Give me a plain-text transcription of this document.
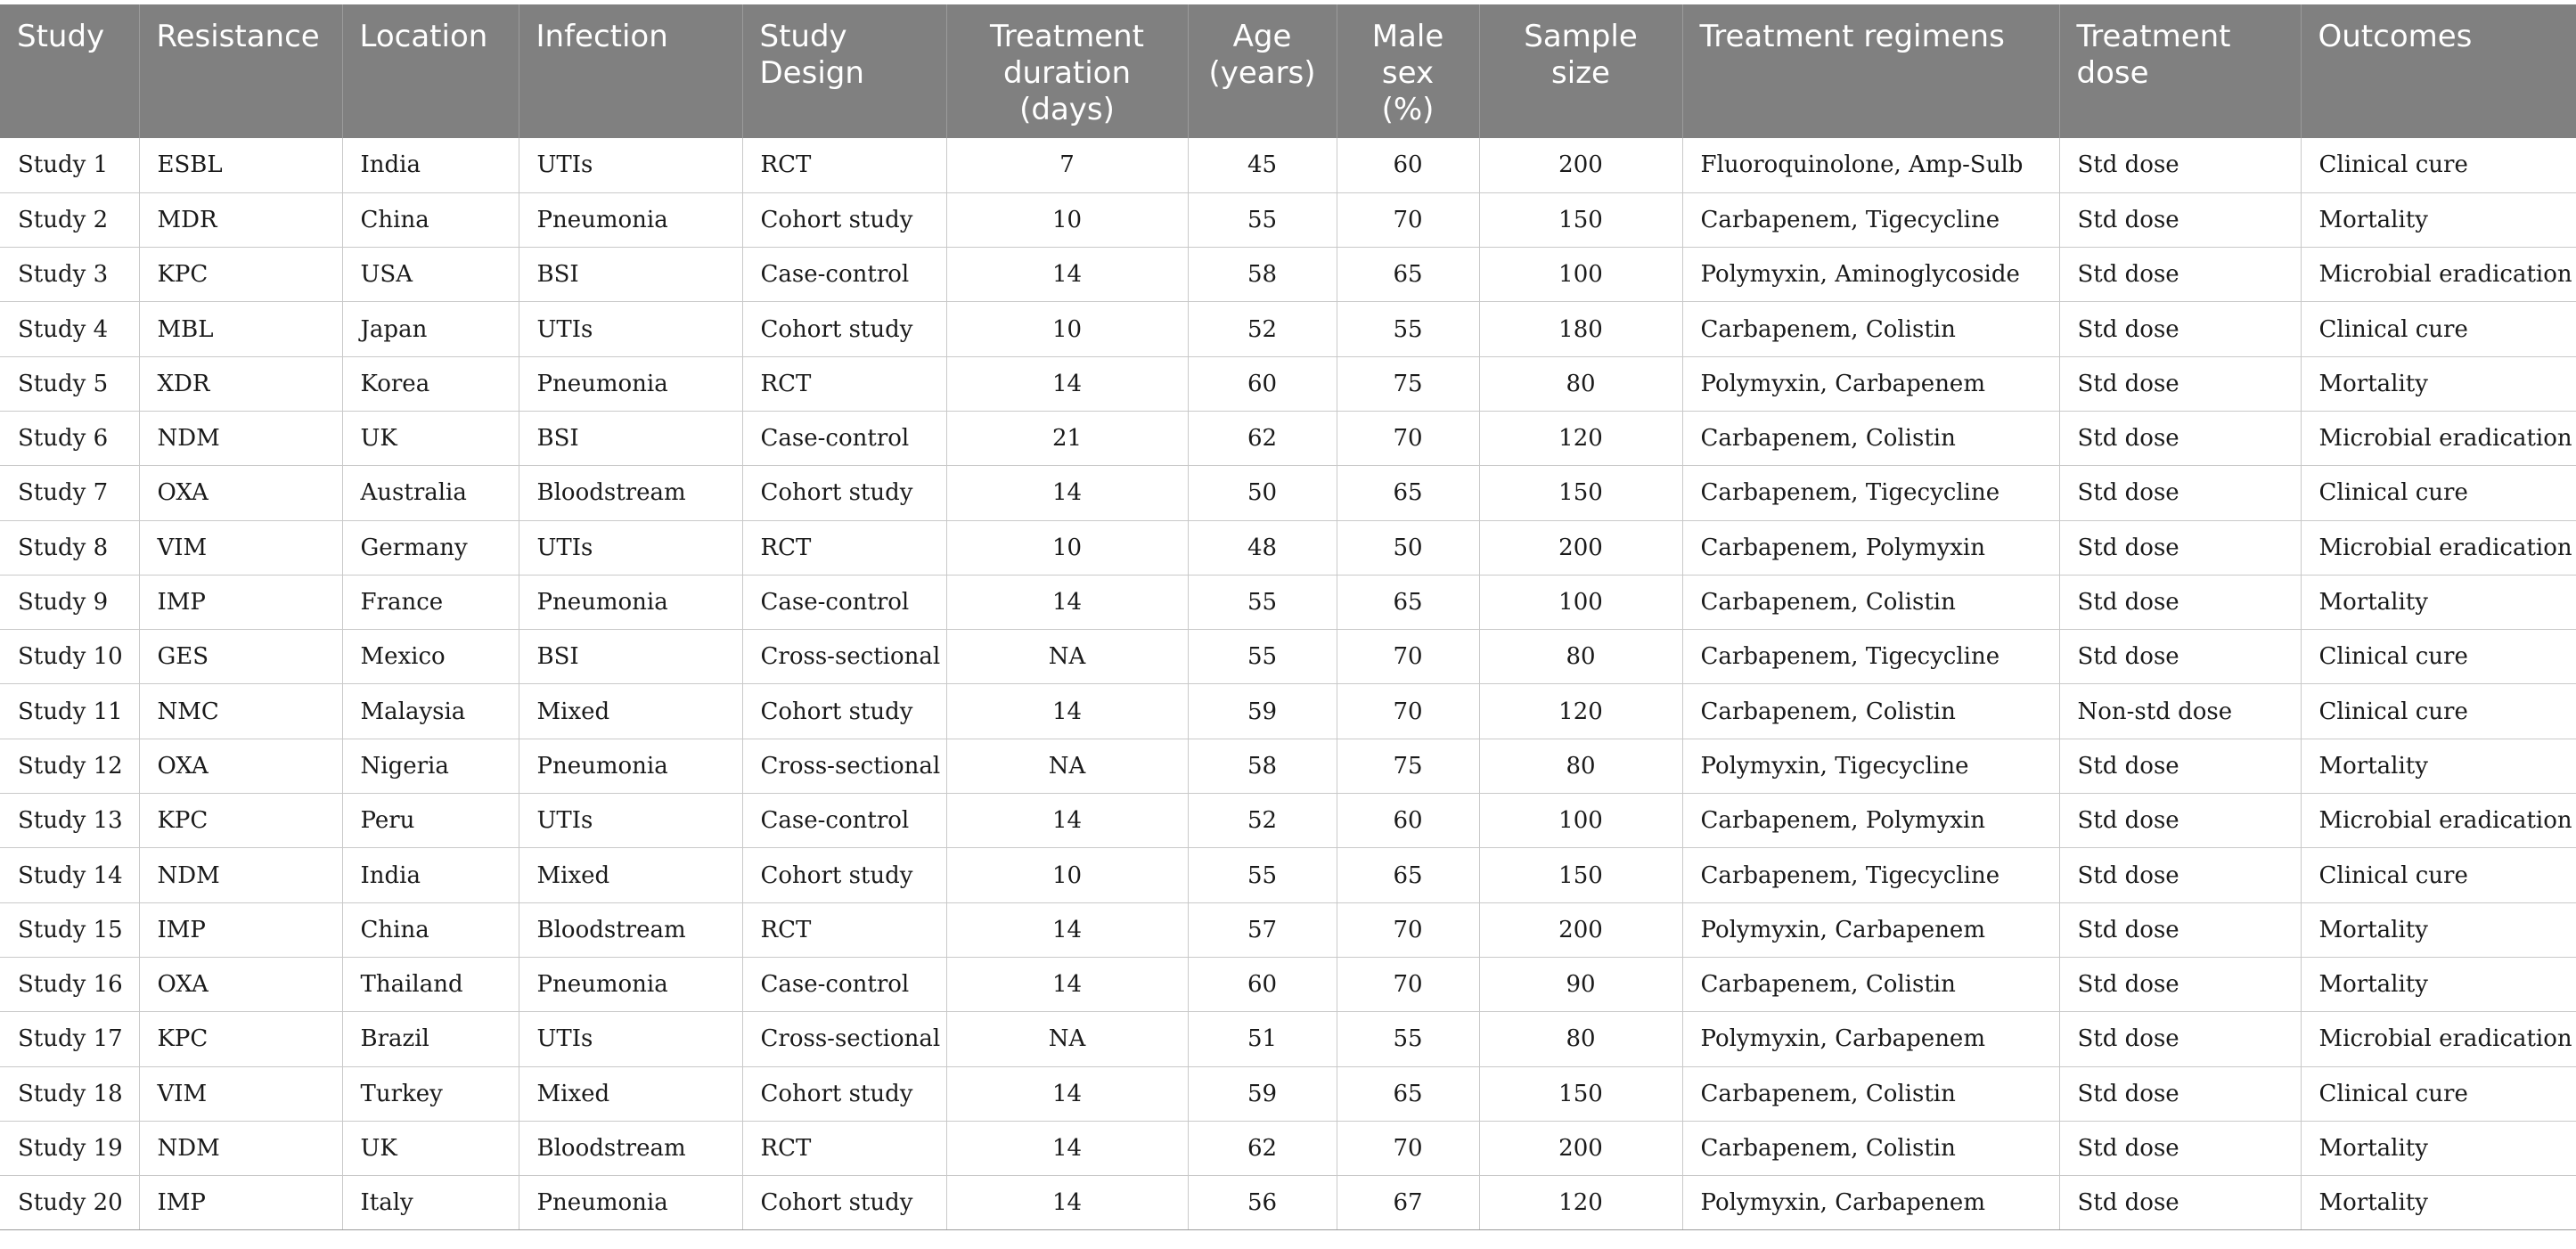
Study	Resistance	Location	Infection	Study Design	Treatment duration (days)	Age (years)	Male sex (%)	Sample size	Treatment regimens	Treatment dose	Outcomes
Study 1	ESBL	India	UTIs	RCT	7	45	60	200	Fluoroquinolone, Amp-Sulb	Std dose	Clinical cure
Study 2	MDR	China	Pneumonia	Cohort study	10	55	70	150	Carbapenem, Tigecycline	Std dose	Mortality
Study 3	KPC	USA	BSI	Case-control	14	58	65	100	Polymyxin, Aminoglycoside	Std dose	Microbial eradication
Study 4	MBL	Japan	UTIs	Cohort study	10	52	55	180	Carbapenem, Colistin	Std dose	Clinical cure
Study 5	XDR	Korea	Pneumonia	RCT	14	60	75	80	Polymyxin, Carbapenem	Std dose	Mortality
Study 6	NDM	UK	BSI	Case-control	21	62	70	120	Carbapenem, Colistin	Std dose	Microbial eradication
Study 7	OXA	Australia	Bloodstream	Cohort study	14	50	65	150	Carbapenem, Tigecycline	Std dose	Clinical cure
Study 8	VIM	Germany	UTIs	RCT	10	48	50	200	Carbapenem, Polymyxin	Std dose	Microbial eradication
Study 9	IMP	France	Pneumonia	Case-control	14	55	65	100	Carbapenem, Colistin	Std dose	Mortality
Study 10	GES	Mexico	BSI	Cross-sectional	NA	55	70	80	Carbapenem, Tigecycline	Std dose	Clinical cure
Study 11	NMC	Malaysia	Mixed	Cohort study	14	59	70	120	Carbapenem, Colistin	Non-std dose	Clinical cure
Study 12	OXA	Nigeria	Pneumonia	Cross-sectional	NA	58	75	80	Polymyxin, Tigecycline	Std dose	Mortality
Study 13	KPC	Peru	UTIs	Case-control	14	52	60	100	Carbapenem, Polymyxin	Std dose	Microbial eradication
Study 14	NDM	India	Mixed	Cohort study	10	55	65	150	Carbapenem, Tigecycline	Std dose	Clinical cure
Study 15	IMP	China	Bloodstream	RCT	14	57	70	200	Polymyxin, Carbapenem	Std dose	Mortality
Study 16	OXA	Thailand	Pneumonia	Case-control	14	60	70	90	Carbapenem, Colistin	Std dose	Mortality
Study 17	KPC	Brazil	UTIs	Cross-sectional	NA	51	55	80	Polymyxin, Carbapenem	Std dose	Microbial eradication
Study 18	VIM	Turkey	Mixed	Cohort study	14	59	65	150	Carbapenem, Colistin	Std dose	Clinical cure
Study 19	NDM	UK	Bloodstream	RCT	14	62	70	200	Carbapenem, Colistin	Std dose	Mortality
Study 20	IMP	Italy	Pneumonia	Cohort study	14	56	67	120	Polymyxin, Carbapenem	Std dose	Mortality
